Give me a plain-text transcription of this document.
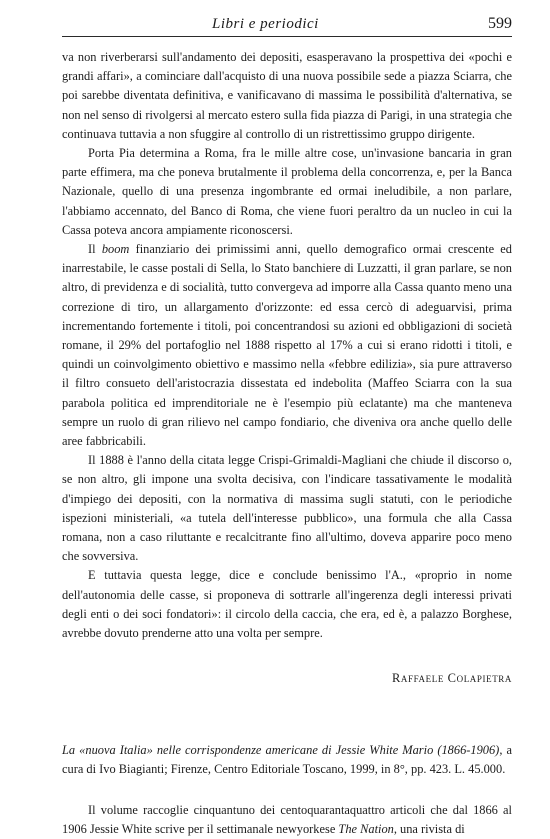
Libri e periodici	599

va non riverberarsi sull'andamento dei depositi, esasperavano la prospettiva dei «pochi e grandi affari», a cominciare dall'acquisto di una nuova possibile sede a piazza Sciarra, che poi sarebbe diventata definitiva, e vanificavano di massima le possibilità d'alternativa, se non nel senso di rivolgersi al mercato estero sulla fida piazza di Parigi, in una strategia che continuava tuttavia a non sfuggire al controllo di un ristrettissimo gruppo dirigente.

Porta Pia determina a Roma, fra le mille altre cose, un'invasione bancaria in gran parte effimera, ma che poneva brutalmente il problema della concorrenza, e, per la Banca Nazionale, quello di una presenza ingombrante ed ormai ineludibile, a non parlare, l'abbiamo accennato, del Banco di Roma, che viene fuori peraltro da un nucleo in cui la Cassa poteva ancora ampiamente riconoscersi.

Il boom finanziario dei primissimi anni, quello demografico ormai crescente ed inarrestabile, le casse postali di Sella, lo Stato banchiere di Luzzatti, il gran parlare, se non altro, di previdenza e di socialità, tutto convergeva ad imporre alla Cassa quanto meno una correzione di tiro, un allargamento d'orizzonte: ed essa cercò di adeguarvisi, prima incrementando fortemente i titoli, poi concentrandosi su azioni ed obbligazioni di società romane, il 29% del portafoglio nel 1888 rispetto al 17% a cui si erano ridotti i titoli, e quindi un coinvolgimento obiettivo e massimo nella «febbre edilizia», sia pure attraverso il filtro consueto dell'aristocrazia dissestata ed indebolita (Maffeo Sciarra con la sua parabola politica ed imprenditoriale ne è l'esempio più eclatante) ma che manteneva sempre un ruolo di gran rilievo nel campo fondiario, che diveniva ora anche quello delle aree fabbricabili.

Il 1888 è l'anno della citata legge Crispi-Grimaldi-Magliani che chiude il discorso o, se non altro, gli impone una svolta decisiva, con l'indicare tassativamente le modalità d'impiego dei depositi, con la normativa di massima sugli statuti, con le periodiche ispezioni ministeriali, «a tutela dell'interesse pubblico», una formula che alla Cassa romana, non a caso riluttante e recalcitrante fino all'ultimo, doveva apparire poco meno che sovversiva.

E tuttavia questa legge, dice e conclude benissimo l'A., «proprio in nome dell'autonomia delle casse, si proponeva di sottrarle all'ingerenza degli interessi privati degli enti o dei soci fondatori»: il circolo della caccia, che era, ed è, a palazzo Borghese, avrebbe dovuto prenderne atto una volta per sempre.

Raffaele Colapietra

La «nuova Italia» nelle corrispondenze americane di Jessie White Mario (1866-1906), a cura di Ivo Biagianti; Firenze, Centro Editoriale Toscano, 1999, in 8°, pp. 423. L. 45.000.

Il volume raccoglie cinquantuno dei centoquarantaquattro articoli che dal 1866 al 1906 Jessie White scrive per il settimanale newyorkese The Nation, una rivista di
